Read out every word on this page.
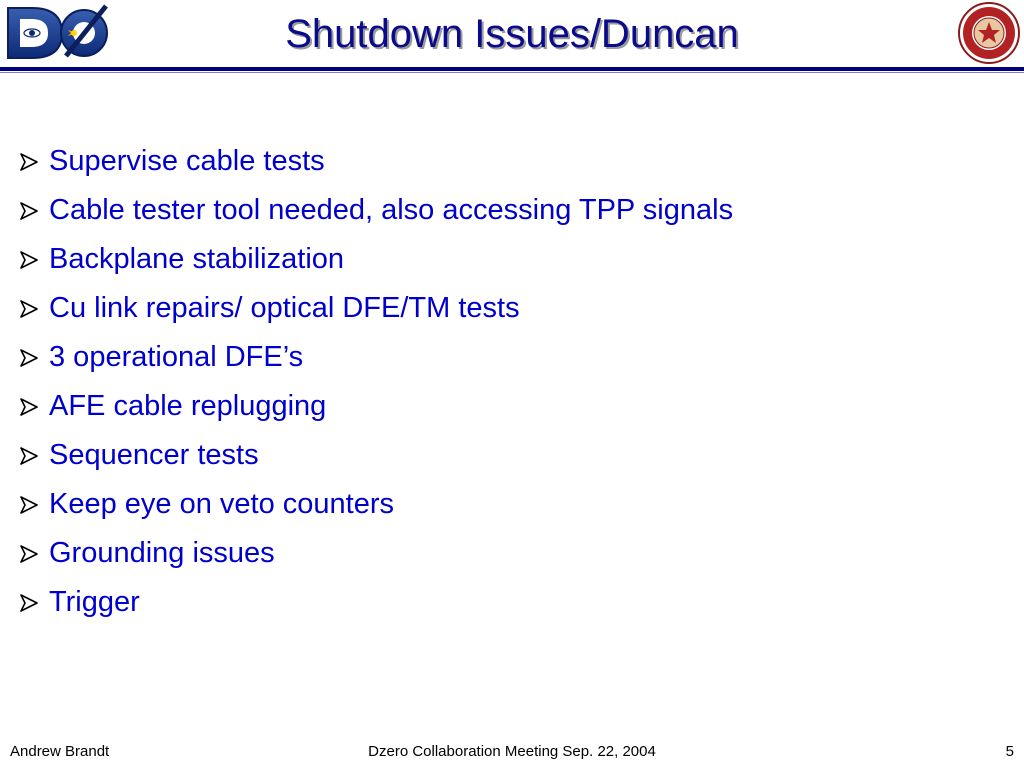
Shutdown Issues/Duncan
Supervise cable tests
Cable tester tool needed, also accessing TPP signals
Backplane stabilization
Cu link repairs/ optical DFE/TM tests
3 operational DFE’s
AFE cable replugging
Sequencer tests
Keep eye on veto counters
Grounding issues
Trigger
Andrew Brandt	Dzero Collaboration Meeting Sep. 22, 2004	5
